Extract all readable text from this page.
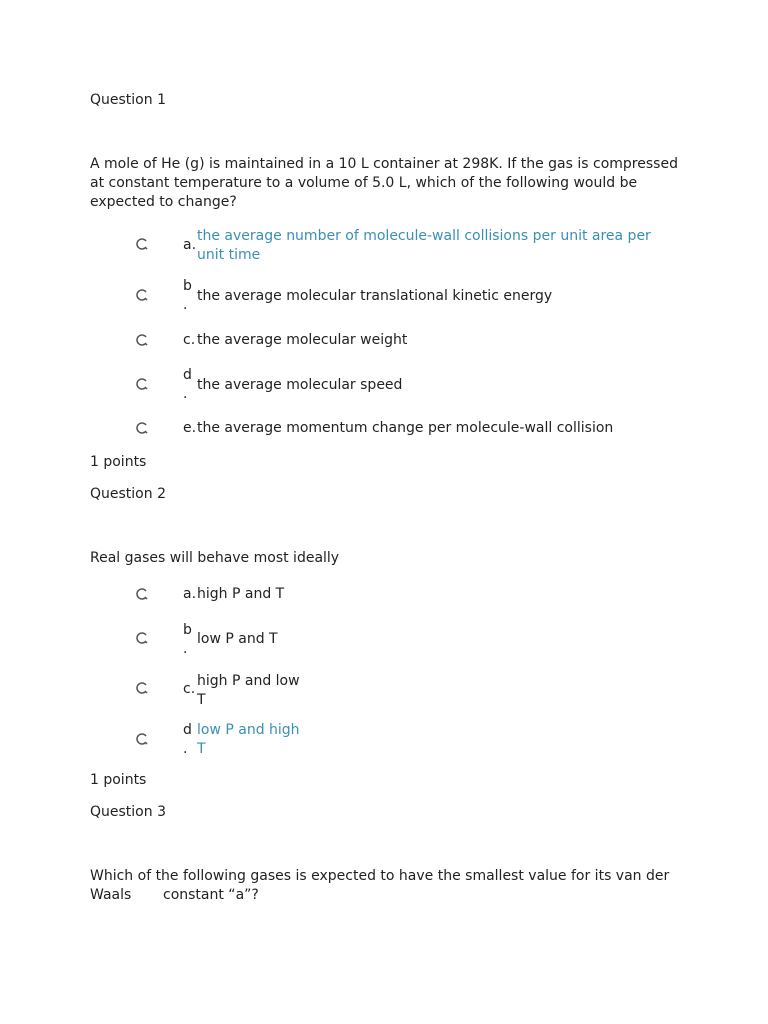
Question 1
A mole of He (g) is maintained in a 10 L container at 298K. If the gas is compressed
at constant temperature to a volume of 5.0 L, which of the following would be
expected to change?
a.
the average number of molecule-wall collisions per unit area per
unit time
b
.
the average molecular translational kinetic energy
c. the average molecular weight
d
.
the average molecular speed
e. the average momentum change per molecule-wall collision
1 points
Question 2
Real gases will behave most ideally
a. high P and T
b
.
low P and T
c. high P and low
T
d
.
low P and high
T
1 points
Question 3
Which of the following gases is expected to have the smallest value for its van der
Waals constant “a”?
